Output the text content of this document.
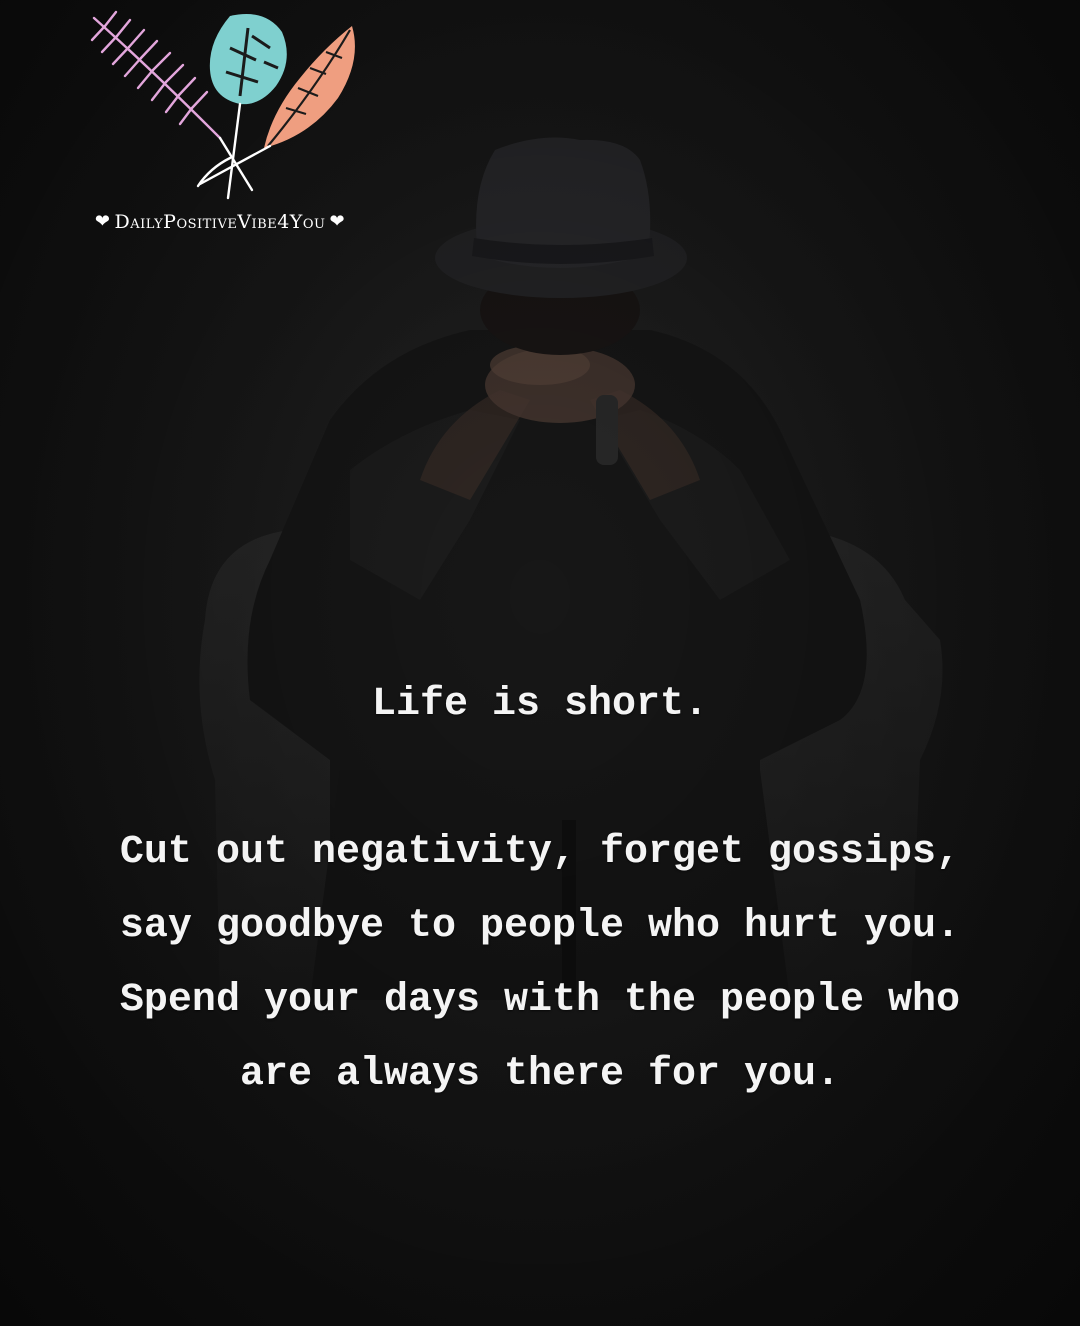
❤ DailyPositiveVibe4You ❤
Life is short.
Cut out negativity, forget gossips,
say goodbye to people who hurt you.
Spend your days with the people who
are always there for you.
